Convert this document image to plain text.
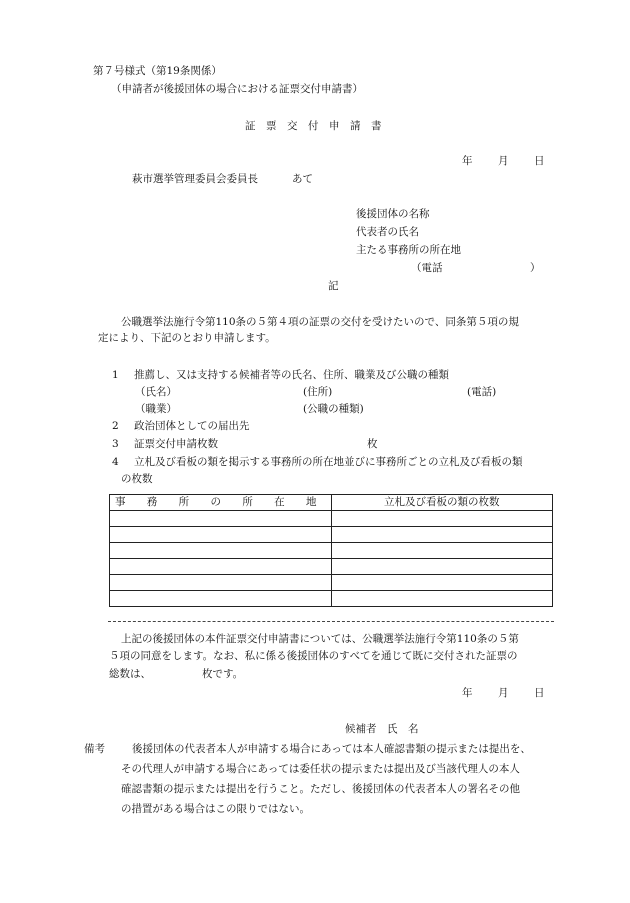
第７号様式（第19条関係）
（申請者が後援団体の場合における証票交付申請書）
証　票　交　付　申　請　書
年 月 日
萩市選挙管理委員会委員長	あて
後援団体の名称
代表者の氏名
主たる事務所の所在地
（電話	）
記
公職選挙法施行令第110条の５第４項の証票の交付を受けたいので、同条第５項の規
定により、下記のとおり申請します。
1 推薦し、又は支持する候補者等の氏名、住所、職業及び公職の種類
（氏名）	(住所)	(電話)
（職業）	(公職の種類)
2 政治団体としての届出先
3 証票交付申請枚数	枚
4 立札及び看板の類を掲示する事務所の所在地並びに事務所ごとの立札及び看板の類
の枚数
事 務 所 の 所 在 地	立札及び看板の類の枚数

上記の後援団体の本件証票交付申請書については、公職選挙法施行令第110条の５第
５項の同意をします。なお、私に係る後援団体のすべてを通じて既に交付された証票の
総数は、	枚です。
年 月 日
候補者　氏　名
備考	後援団体の代表者本人が申請する場合にあっては本人確認書類の提示または提出を、
その代理人が申請する場合にあっては委任状の提示または提出及び当該代理人の本人
確認書類の提示または提出を行うこと。ただし、後援団体の代表者本人の署名その他
の措置がある場合はこの限りではない。
